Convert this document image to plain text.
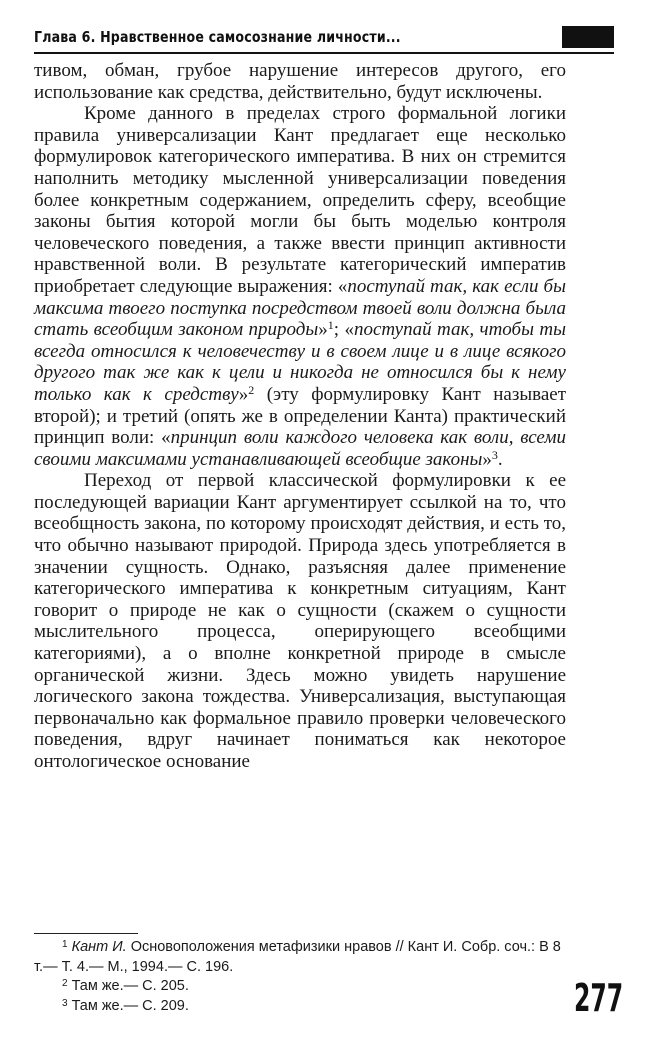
Глава 6. Нравственное самосознание личности...

тивом, обман, грубое нарушение интересов другого, его использование как средства, действительно, будут исключены.

Кроме данного в пределах строго формальной логики правила универсализации Кант предлагает еще несколько формулировок категорического императива. В них он стремится наполнить методику мысленной универсализации поведения более конкретным содержанием, определить сферу, всеобщие законы бытия которой могли бы быть моделью контроля человеческого поведения, а также ввести принцип активности нравственной воли. В результате категорический императив приобретает следующие выражения: «поступай так, как если бы максима твоего поступка посредством твоей воли должна была стать всеобщим законом природы»$^1$; «поступай так, чтобы ты всегда относился к человечеству и в своем лице и в лице всякого другого так же как к цели и никогда не относился бы к нему только как к средству»$^2$ (эту формулировку Кант называет второй); и третий (опять же в определении Канта) практический принцип воли: «принцип воли каждого человека как воли, всеми своими максимами устанавливающей всеобщие законы»$^3$.

Переход от первой классической формулировки к ее последующей вариации Кант аргументирует ссылкой на то, что всеобщность закона, по которому происходят действия, и есть то, что обычно называют природой. Природа здесь употребляется в значении сущность. Однако, разъясняя далее применение категорического императива к конкретным ситуациям, Кант говорит о природе не как о сущности (скажем о сущности мыслительного процесса, оперирующего всеобщими категориями), а о вполне конкретной природе в смысле органической жизни. Здесь можно увидеть нарушение логического закона тождества. Универсализация, выступающая первоначально как формальное правило проверки человеческого поведения, вдруг начинает пониматься как некоторое онтологическое основание

$^1$ Кант И. Основоположения метафизики нравов // Кант И. Собр. соч.: В 8 т.— Т. 4.— М., 1994.— С. 196.

$^2$ Там же.— С. 205.

$^3$ Там же.— С. 209.	277
